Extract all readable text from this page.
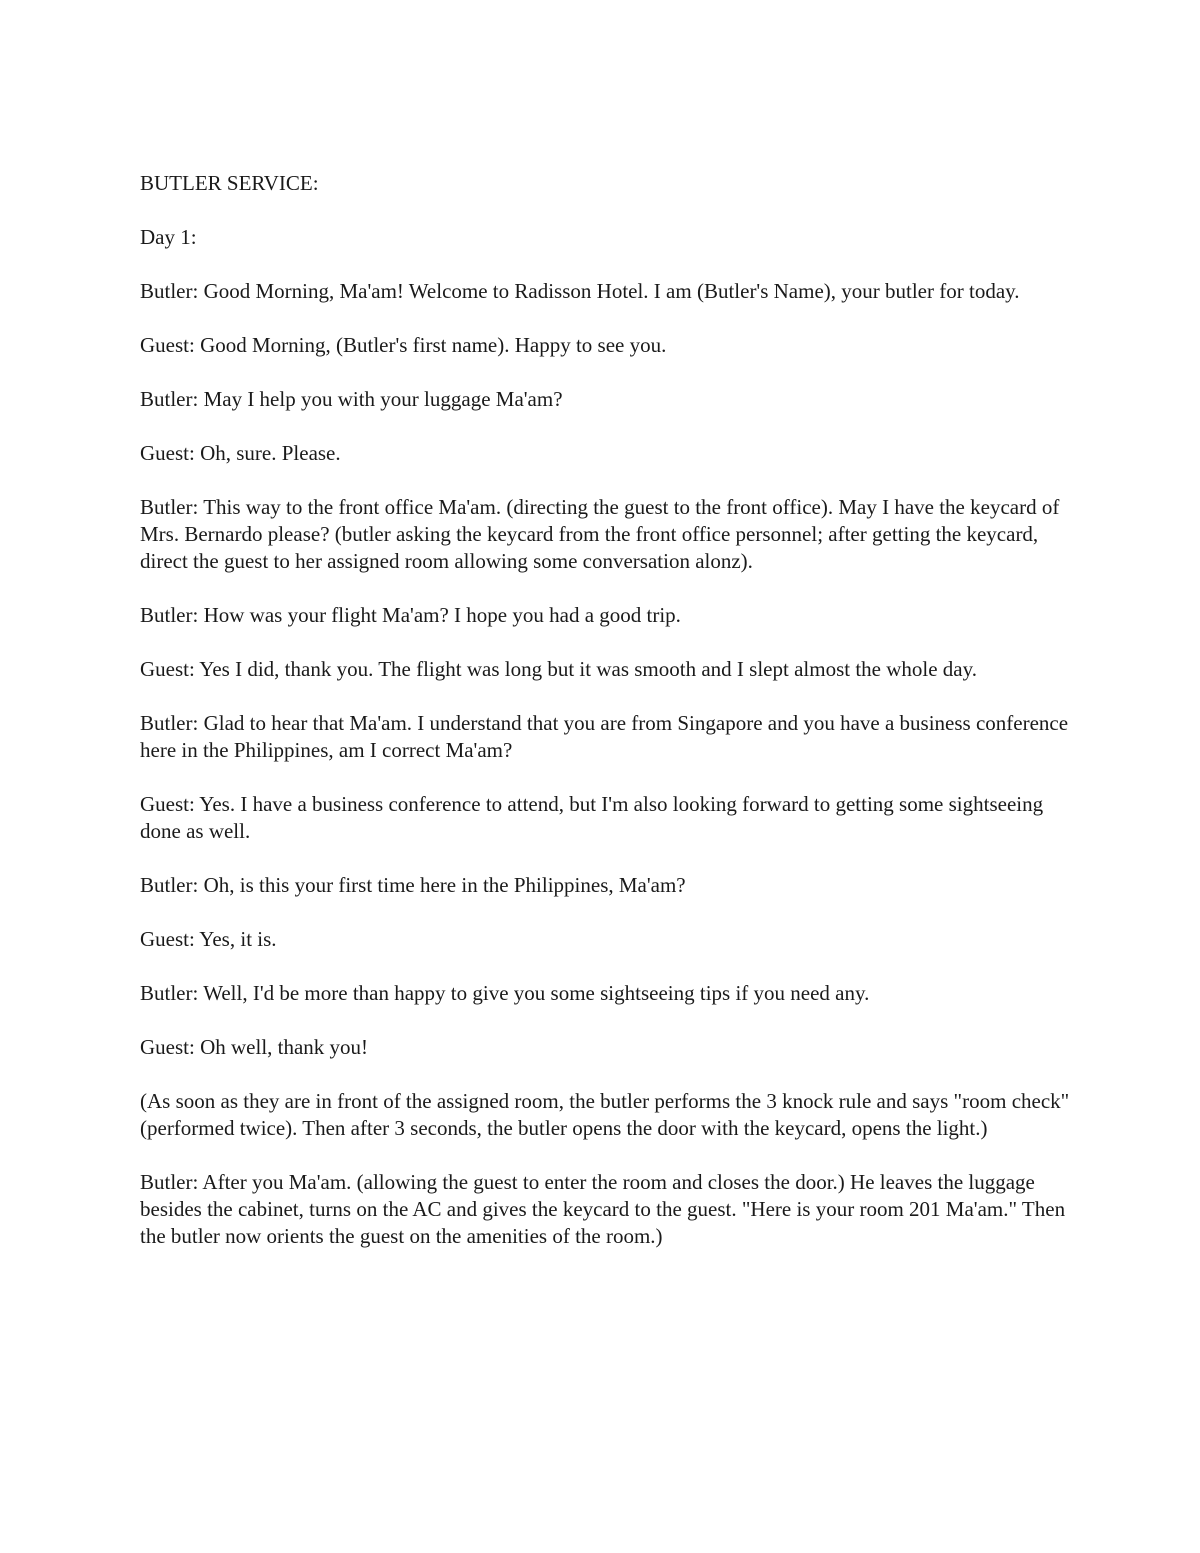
BUTLER SERVICE:

Day 1:

Butler: Good Morning, Ma'am! Welcome to Radisson Hotel. I am (Butler's Name), your butler for today.

Guest: Good Morning, (Butler's first name). Happy to see you.

Butler: May I help you with your luggage Ma'am?

Guest: Oh, sure. Please.

Butler: This way to the front office Ma'am. (directing the guest to the front office). May I have the keycard of Mrs. Bernardo please? (butler asking the keycard from the front office personnel; after getting the keycard, direct the guest to her assigned room allowing some conversation alonz).

Butler: How was your flight Ma'am? I hope you had a good trip.

Guest: Yes I did, thank you. The flight was long but it was smooth and I slept almost the whole day.

Butler: Glad to hear that Ma'am. I understand that you are from Singapore and you have a business conference here in the Philippines, am I correct Ma'am?

Guest: Yes. I have a business conference to attend, but I'm also looking forward to getting some sightseeing done as well.

Butler: Oh, is this your first time here in the Philippines, Ma'am?

Guest: Yes, it is.

Butler: Well, I'd be more than happy to give you some sightseeing tips if you need any.

Guest: Oh well, thank you!

(As soon as they are in front of the assigned room, the butler performs the 3 knock rule and says "room check" (performed twice). Then after 3 seconds, the butler opens the door with the keycard, opens the light.)

Butler: After you Ma'am. (allowing the guest to enter the room and closes the door.) He leaves the luggage besides the cabinet, turns on the AC and gives the keycard to the guest. "Here is your room 201 Ma'am." Then the butler now orients the guest on the amenities of the room.)
